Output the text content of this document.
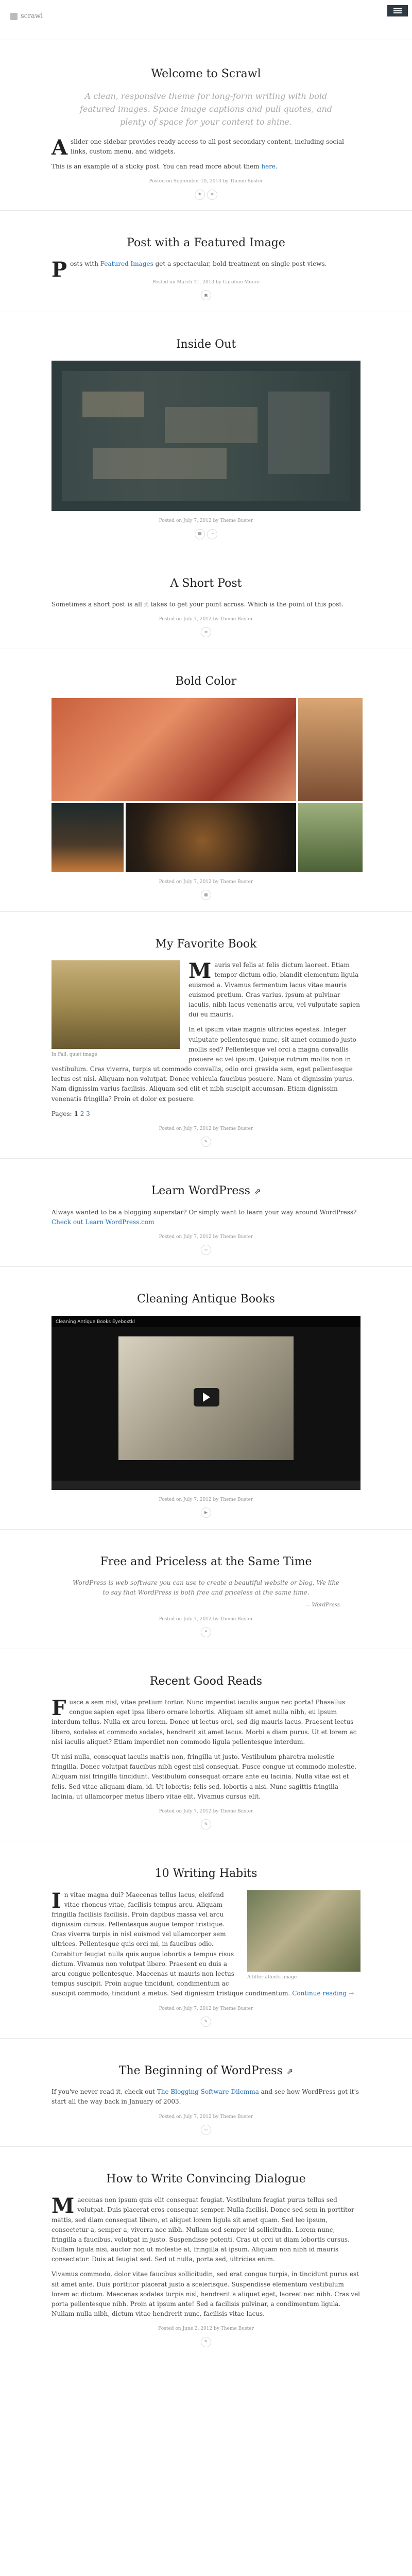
scrawl
Welcome to Scrawl

A clean, responsive theme for long-form writing with bold featured images. Space image captions and pull quotes, and plenty of space for your content to shine.

Aslider one sidebar provides ready access to all post secondary content, including social links, custom menu, and widgets.

This is an example of a sticky post. You can read more about them here.

Posted on September 10, 2013 by Theme Buster

★	∞
Post with a Featured Image

Posts with Featured Images get a spectacular, bold treatment on single post views.

Posted on March 11, 2013 by Caroline Moore

▣
Inside Out

Posted on July 7, 2012 by Theme Buster

▦	∞
A Short Post

Sometimes a short post is all it takes to get your point across. Which is the point of this post.

Posted on July 7, 2012 by Theme Buster

≡
Bold Color

Posted on July 7, 2012 by Theme Buster

▦
My Favorite Book

In Fall, quiet image

Mauris vel felis at felis dictum laoreet. Etiam tempor dictum odio, blandit elementum ligula euismod a. Vivamus fermentum lacus vitae mauris euismod pretium. Cras varius, ipsum at pulvinar iaculis, nibh lacus venenatis arcu, vel vulputate sapien dui eu mauris.

In et ipsum vitae magnis ultricies egestas. Integer vulputate pellentesque nunc, sit amet commodo justo mollis sed? Pellentesque vel orci a magna convallis posuere ac vel ipsum. Quisque rutrum mollis non in vestibulum. Cras viverra, turpis ut commodo convallis, odio orci gravida sem, eget pellentesque lectus est nisi. Aliquam non volutpat. Donec vehicula faucibus posuere. Nam et dignissim purus. Nam dignissim varius facilisis. Aliquam sed elit et nibh suscipit accumsan. Etiam dignissim venenatis fringilla? Proin et dolor ex posuere.

Pages: 1 2 3

Posted on July 7, 2012 by Theme Buster

✎
Learn WordPress ⇗

Always wanted to be a blogging superstar? Or simply want to learn your way around WordPress? Check out Learn WordPress.com

Posted on July 7, 2012 by Theme Buster

∞
Cleaning Antique Books
Cleaning Antique Books Eyeboxtkl

Posted on July 7, 2012 by Theme Buster

▶
Free and Priceless at the Same Time

WordPress is web software you can use to create a beautiful website or blog. We like to say that WordPress is both free and priceless at the same time.

— WordPress

Posted on July 7, 2012 by Theme Buster

❝
Recent Good Reads

Fusce a sem nisl, vitae pretium tortor. Nunc imperdiet iaculis augue nec porta! Phasellus congue sapien eget ipsa libero ornare lobortis. Aliquam sit amet nulla nibh, eu ipsum interdum tellus. Nulla ex arcu lorem. Donec ut lectus orci, sed dig mauris lacus. Praesent lectus libero, sodales et commodo sodales, hendrerit sit amet lacus. Morbi a diam purus. Ut et lorem ac nisi iaculis aliquet? Etiam imperdiet non commodo ligula pellentesque interdum.

Ut nisi nulla, consequat iaculis mattis non, fringilla ut justo. Vestibulum pharetra molestie fringilla. Donec volutpat faucibus nibh egest nisl consequat. Fusce congue ut commodo molestie. Aliquam nisi fringilla tincidunt. Vestibulum consequat ornare ante eu lacinia. Nulla vitae est et felis. Sed vitae aliquam diam, id. Ut lobortis; felis sed, lobortis a nisi. Nunc sagittis fringilla lacinia, ut ullamcorper metus libero vitae elit. Vivamus cursus elit.

Posted on July 7, 2012 by Theme Buster

✎
10 Writing Habits

A filter affects Image

In vitae magna dui? Maecenas tellus lacus, eleifend vitae rhoncus vitae, facilisis tempus arcu. Aliquam fringilla facilisis facilisis. Proin dapibus massa vel arcu dignissim cursus. Pellentesque augue tempor tristique. Cras viverra turpis in nisl euismod vel ullamcorper sem ultrices. Pellentesque quis orci mi, in faucibus odio. Curabitur feugiat nulla quis augue lobortis a tempus risus dictum. Vivamus non volutpat libero. Praesent eu duis a arcu congue pellentesque. Maecenas ut mauris non lectus tempus suscipit. Proin augue tincidunt, condimentum ac suscipit commodo, tincidunt a metus. Sed dignissim tristique condimentum. Continue reading →

Posted on July 7, 2012 by Theme Buster

✎
The Beginning of WordPress ⇗

If you've never read it, check out The Blogging Software Dilemma and see how WordPress got it's start all the way back in January of 2003.

Posted on July 7, 2012 by Theme Buster

∞
How to Write Convincing Dialogue

Maecenas non ipsum quis elit consequat feugiat. Vestibulum feugiat purus tellus sed volutpat. Duis placerat eros consequat semper. Nulla facilisi. Donec sed sem in porttitor mattis, sed diam consequat libero, et aliquet lorem ligula sit amet quam. Sed leo ipsum, consectetur a, semper a, viverra nec nibh. Nullam sed semper id sollicitudin. Lorem nunc, fringilla a faucibus, volutpat in justo. Suspendisse potenti. Cras ut orci ut diam lobortis cursus. Nullam ligula nisi, auctor non ut molestie at, fringilla at ipsum. Aliquam non nibh id mauris consectetur. Duis at feugiat sed. Sed ut nulla, porta sed, ultricies enim.

Vivamus commodo, dolor vitae faucibus sollicitudin, sed erat congue turpis, in tincidunt purus est sit amet ante. Duis porttitor placerat justo a scelerisque. Suspendisse elementum vestibulum lorem ac dictum. Maecenas sodales turpis nisl, hendrerit a aliquet eget, laoreet nec nibh. Cras vel porta pellentesque nibh. Proin at ipsum ante! Sed a facilisis pulvinar, a condimentum ligula. Nullam nulla nibh, dictum vitae hendrerit nunc, facilisis vitae lacus.

Posted on June 2, 2012 by Theme Buster

✎
